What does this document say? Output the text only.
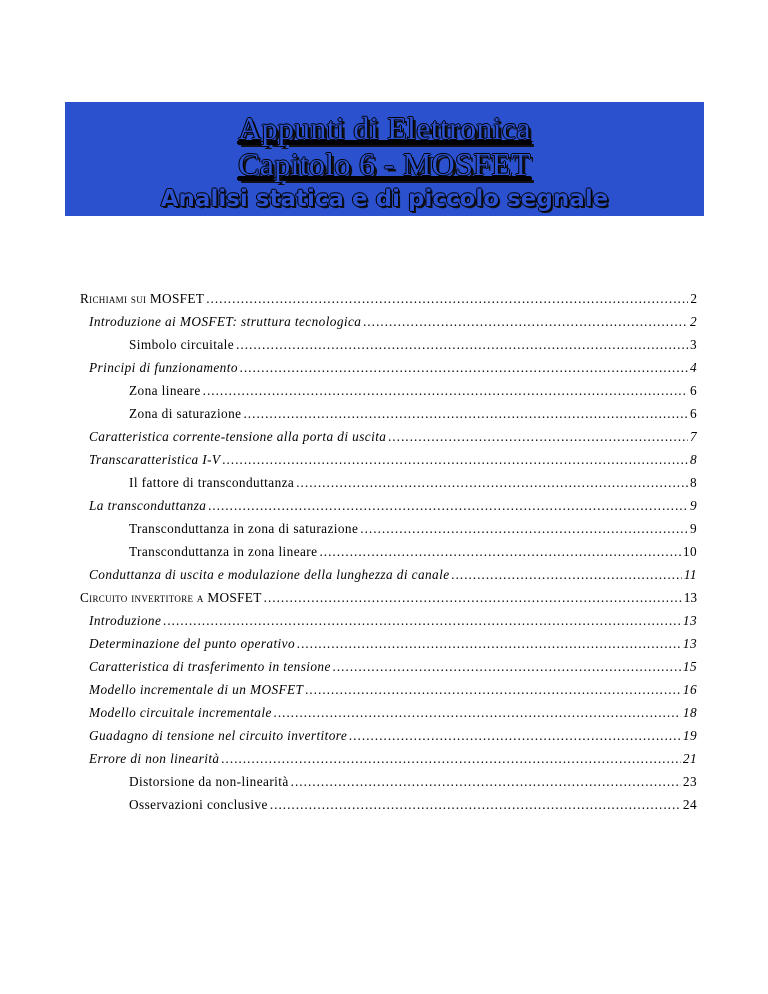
Appunti di Elettronica
Capitolo 6 - MOSFET
Analisi statica e di piccolo segnale
Richiami sui MOSFET .....	2
Introduzione ai MOSFET: struttura tecnologica .....	2
Simbolo circuitale .....	3
Principi di funzionamento .....	4
Zona lineare .....	6
Zona di saturazione .....	6
Caratteristica corrente-tensione alla porta di uscita .....	7
Transcaratteristica I-V .....	8
Il fattore di transconduttanza .....	8
La transconduttanza .....	9
Transconduttanza in zona di saturazione .....	9
Transconduttanza in zona lineare .....	10
Conduttanza di uscita e modulazione della lunghezza di canale .....	11
Circuito invertitore a MOSFET .....	13
Introduzione .....	13
Determinazione del punto operativo .....	13
Caratteristica di trasferimento in tensione .....	15
Modello incrementale di un MOSFET .....	16
Modello circuitale incrementale .....	18
Guadagno di tensione nel circuito invertitore .....	19
Errore di non linearità .....	21
Distorsione da non-linearità .....	23
Osservazioni conclusive .....	24
